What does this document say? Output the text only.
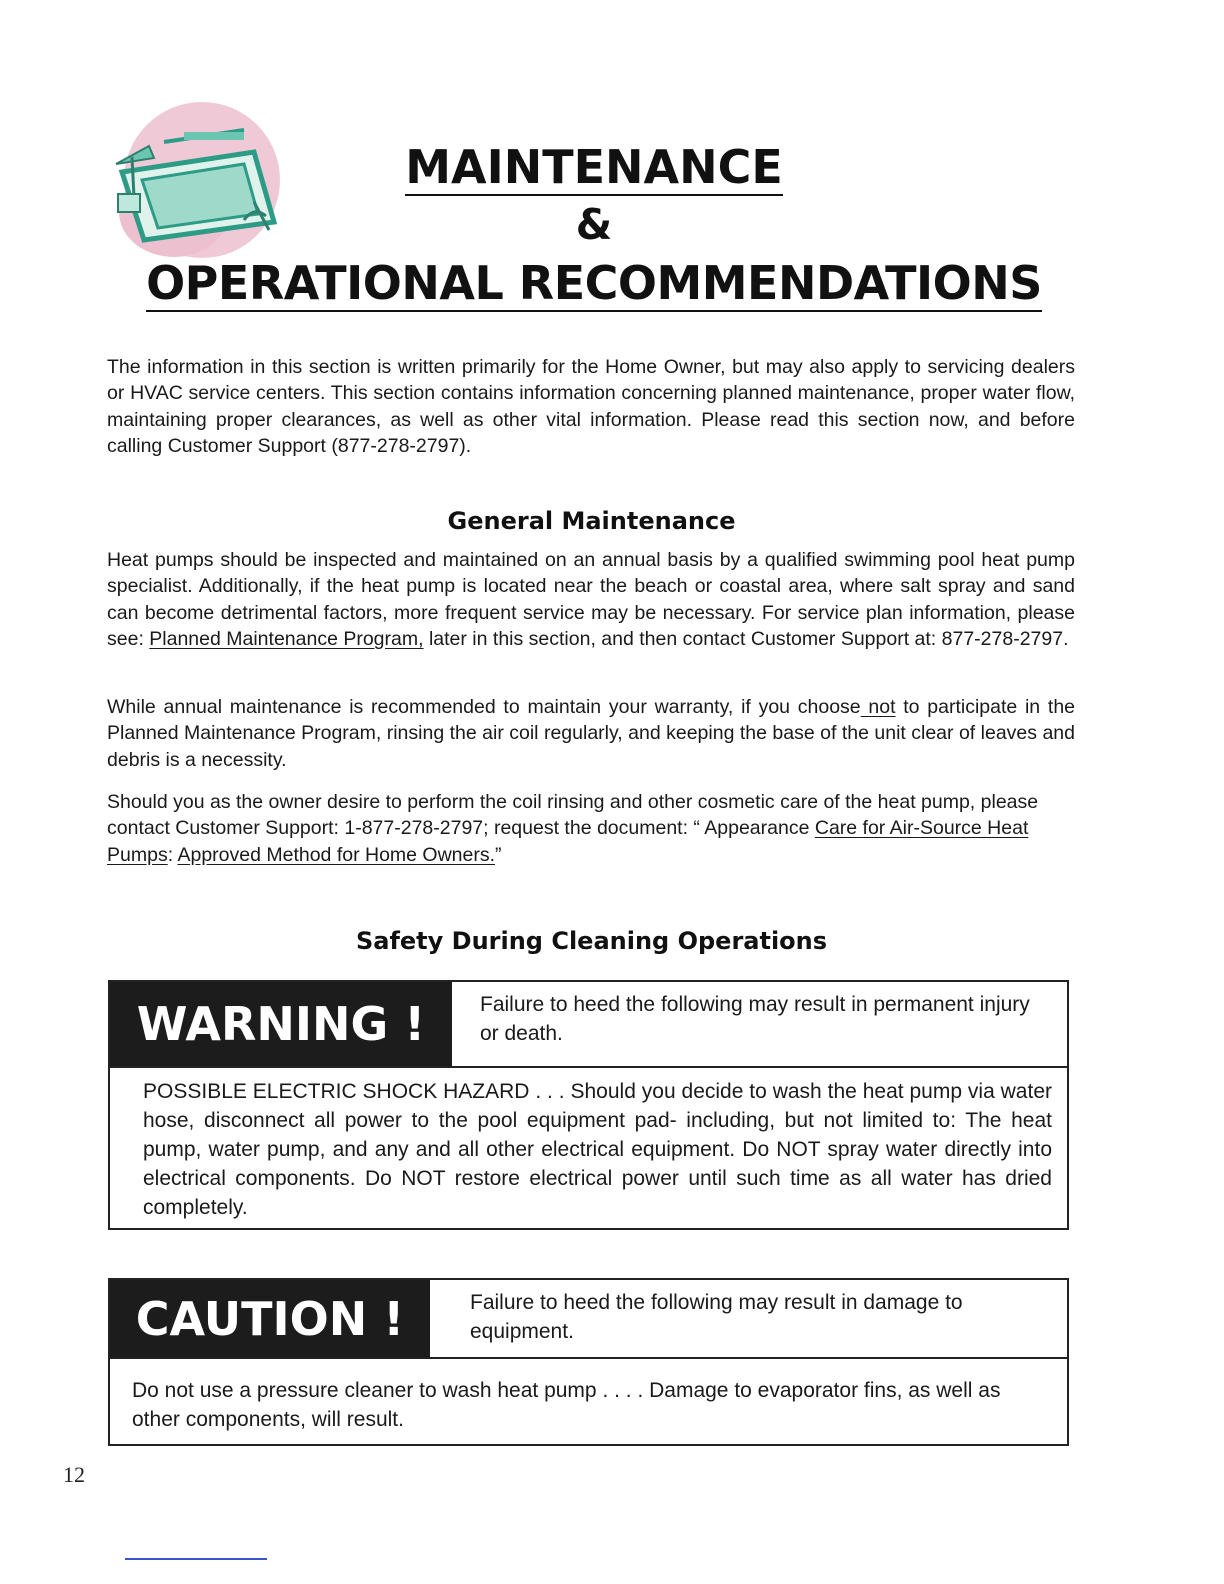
MAINTENANCE
&
OPERATIONAL RECOMMENDATIONS
The information in this section is written primarily for the Home Owner, but may also apply to servicing dealers or HVAC service centers. This section contains information concerning planned maintenance, proper water flow, maintaining proper clearances, as well as other vital information. Please read this section now, and before calling Customer Support (877-278-2797).
General Maintenance
Heat pumps should be inspected and maintained on an annual basis by a qualified swimming pool heat pump specialist. Additionally, if the heat pump is located near the beach or coastal area, where salt spray and sand can become detrimental factors, more frequent service may be necessary. For service plan information, please see: Planned Maintenance Program, later in this section, and then contact Customer Support at: 877-278-2797.
While annual maintenance is recommended to maintain your warranty, if you choose not to participate in the Planned Maintenance Program, rinsing the air coil regularly, and keeping the base of the unit clear of leaves and debris is a necessity.
Should you as the owner desire to perform the coil rinsing and other cosmetic care of the heat pump, please contact Customer Support: 1-877-278-2797; request the document: “ Appearance Care for Air-Source Heat Pumps: Approved Method for Home Owners.”
Safety During Cleaning Operations
WARNING !	Failure to heed the following may result in permanent injury or death.
POSSIBLE ELECTRIC SHOCK HAZARD . . . Should you decide to wash the heat pump via water hose, disconnect all power to the pool equipment pad- including, but not limited to: The heat pump, water pump, and any and all other electrical equipment. Do NOT spray water directly into electrical components. Do NOT restore electrical power until such time as all water has dried completely.
CAUTION !	Failure to heed the following may result in damage to equipment.
Do not use a pressure cleaner to wash heat pump . . . . Damage to evaporator fins, as well as other components, will result.
12
